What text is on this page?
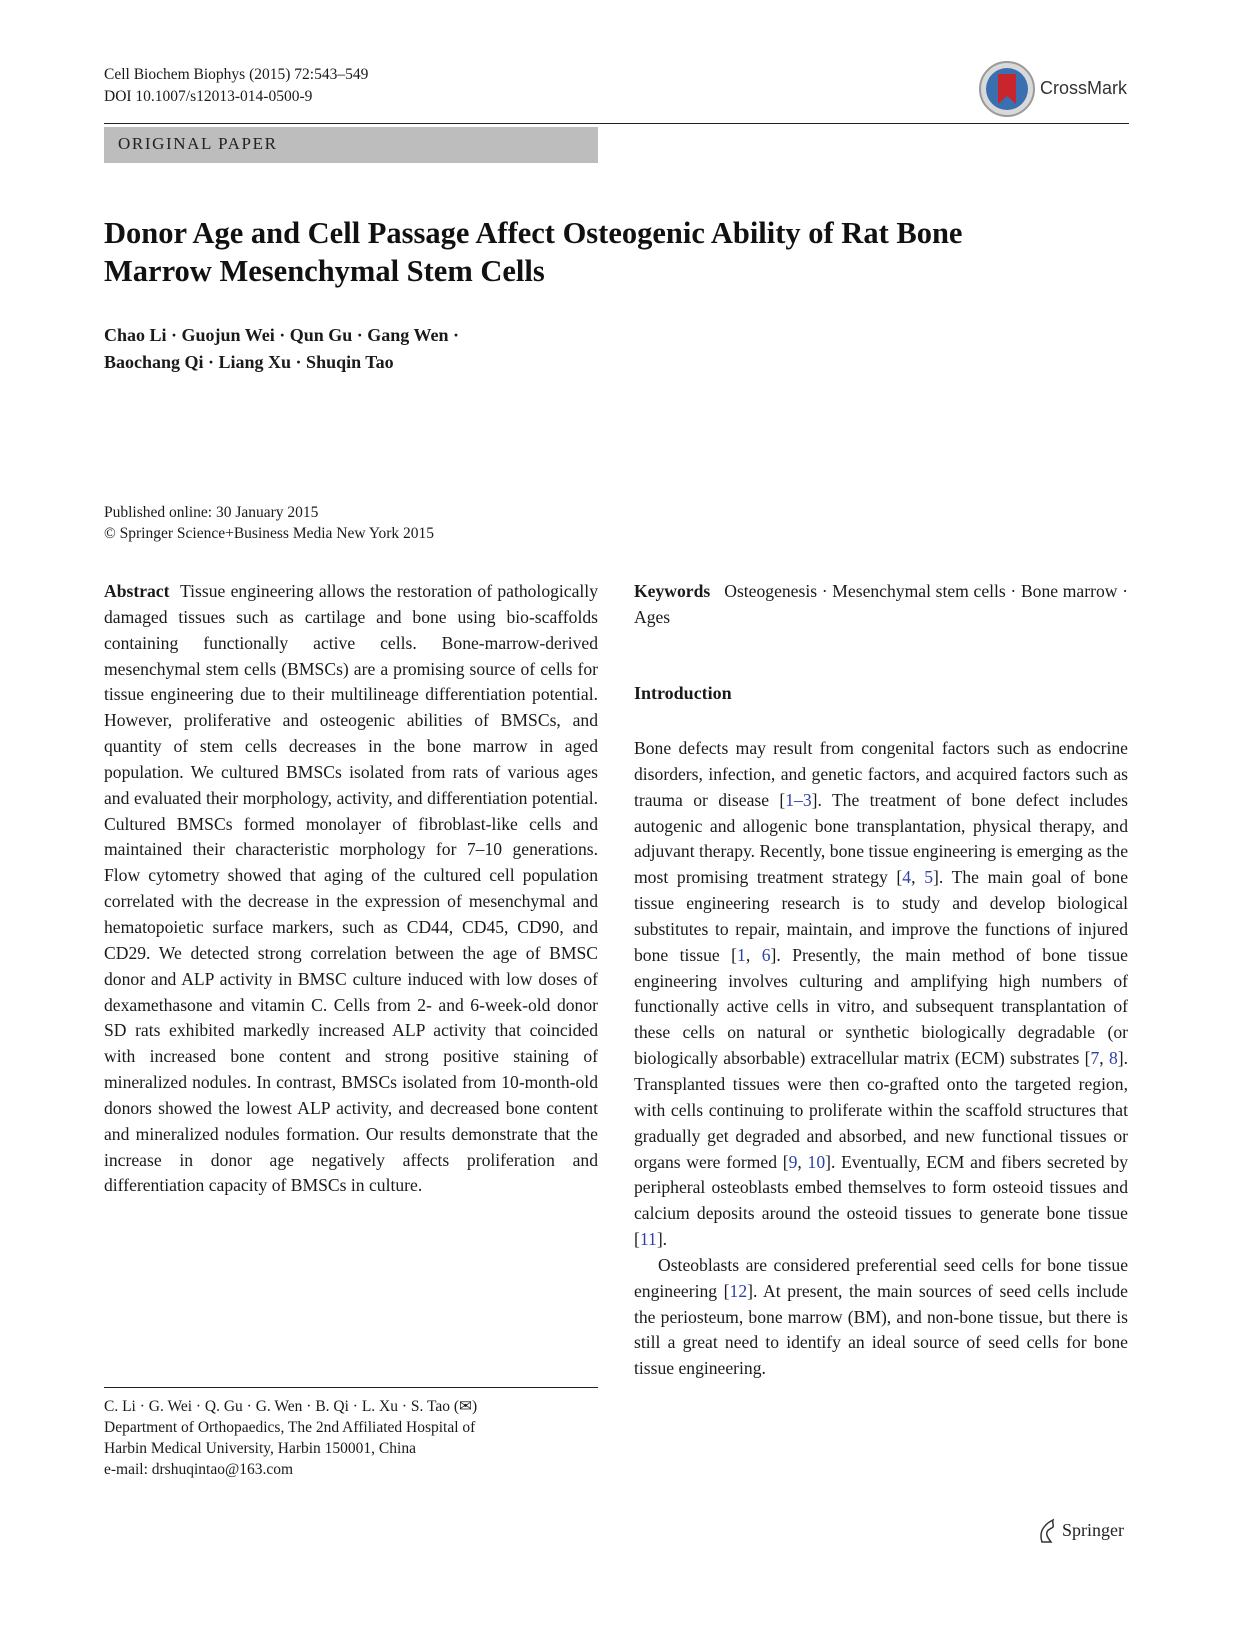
Cell Biochem Biophys (2015) 72:543–549
DOI 10.1007/s12013-014-0500-9	CrossMark
ORIGINAL PAPER
Donor Age and Cell Passage Affect Osteogenic Ability of Rat Bone
Marrow Mesenchymal Stem Cells
Chao Li · Guojun Wei · Qun Gu · Gang Wen ·
Baochang Qi · Liang Xu · Shuqin Tao
Published online: 30 January 2015
© Springer Science+Business Media New York 2015
Abstract Tissue engineering allows the restoration of pathologically damaged tissues such as cartilage and bone using bio-scaffolds containing functionally active cells. Bone-marrow-derived mesenchymal stem cells (BMSCs) are a promising source of cells for tissue engineering due to their multilineage differentiation potential. However, proliferative and osteogenic abilities of BMSCs, and quantity of stem cells decreases in the bone marrow in aged population. We cultured BMSCs isolated from rats of various ages and evaluated their morphology, activity, and differentiation potential. Cultured BMSCs formed monolayer of fibroblast-like cells and maintained their characteristic morphology for 7–10 generations. Flow cytometry showed that aging of the cultured cell population correlated with the decrease in the expression of mesenchymal and hematopoietic surface markers, such as CD44, CD45, CD90, and CD29. We detected strong correlation between the age of BMSC donor and ALP activity in BMSC culture induced with low doses of dexamethasone and vitamin C. Cells from 2- and 6-week-old donor SD rats exhibited markedly increased ALP activity that coincided with increased bone content and strong positive staining of mineralized nodules. In contrast, BMSCs isolated from 10-month-old donors showed the lowest ALP activity, and decreased bone content and mineralized nodules formation. Our results demonstrate that the increase in donor age negatively affects proliferation and differentiation capacity of BMSCs in culture.
Keywords Osteogenesis · Mesenchymal stem cells · Bone marrow · Ages
Introduction

Bone defects may result from congenital factors such as endocrine disorders, infection, and genetic factors, and acquired factors such as trauma or disease [1–3]. The treatment of bone defect includes autogenic and allogenic bone transplantation, physical therapy, and adjuvant therapy. Recently, bone tissue engineering is emerging as the most promising treatment strategy [4, 5]. The main goal of bone tissue engineering research is to study and develop biological substitutes to repair, maintain, and improve the functions of injured bone tissue [1, 6]. Presently, the main method of bone tissue engineering involves culturing and amplifying high numbers of functionally active cells in vitro, and subsequent transplantation of these cells on natural or synthetic biologically degradable (or biologically absorbable) extracellular matrix (ECM) substrates [7, 8]. Transplanted tissues were then co-grafted onto the targeted region, with cells continuing to proliferate within the scaffold structures that gradually get degraded and absorbed, and new functional tissues or organs were formed [9, 10]. Eventually, ECM and fibers secreted by peripheral osteoblasts embed themselves to form osteoid tissues and calcium deposits around the osteoid tissues to generate bone tissue [11].

Osteoblasts are considered preferential seed cells for bone tissue engineering [12]. At present, the main sources of seed cells include the periosteum, bone marrow (BM), and non-bone tissue, but there is still a great need to identify an ideal source of seed cells for bone tissue engineering.

C. Li · G. Wei · Q. Gu · G. Wen · B. Qi · L. Xu · S. Tao (✉)
Department of Orthopaedics, The 2nd Affiliated Hospital of
Harbin Medical University, Harbin 150001, China
e-mail: drshuqintao@163.com
Springer
